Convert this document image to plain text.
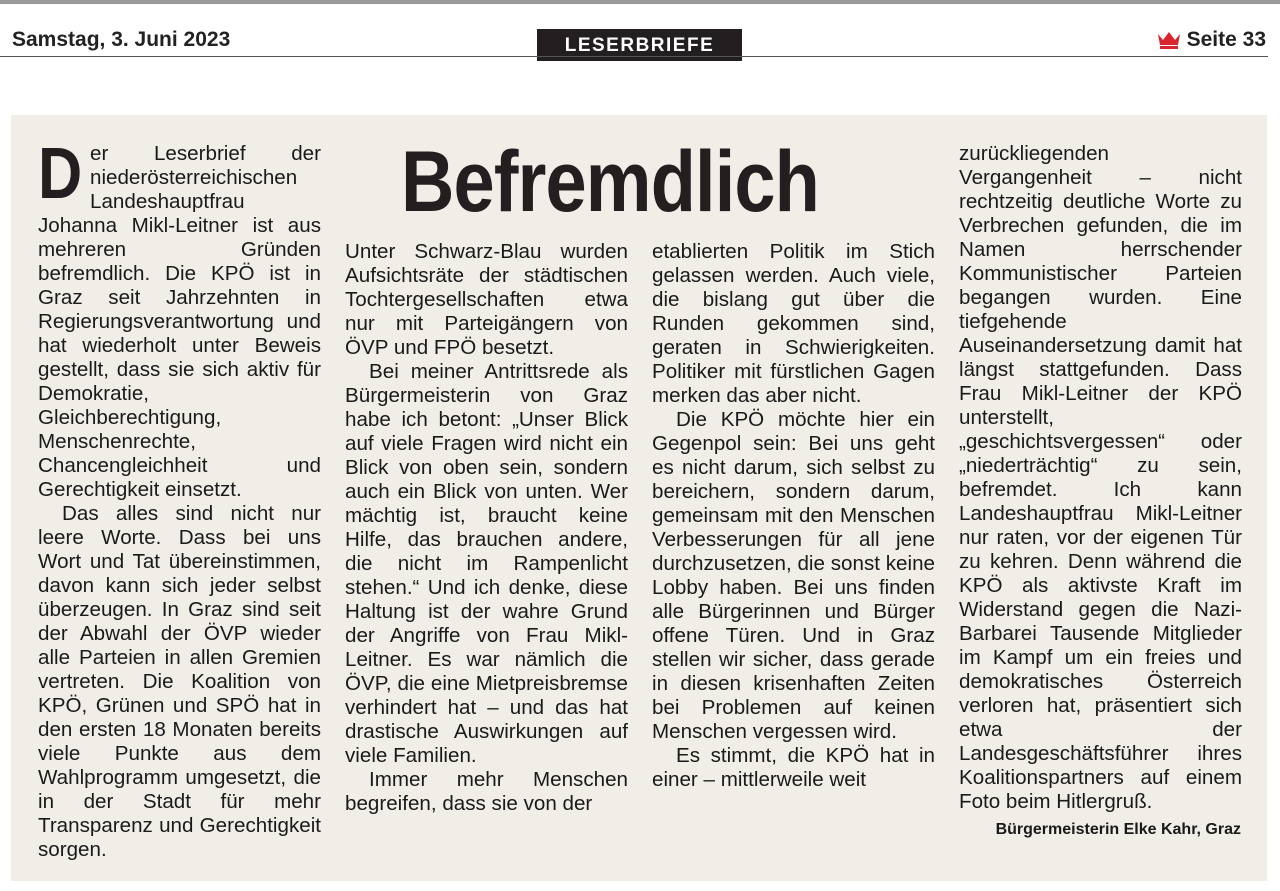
Samstag, 3. Juni 2023	LESERBRIEFE	Seite 33

Der Leserbrief der niederösterreichischen Landeshauptfrau Johanna Mikl-Leitner ist aus mehreren Gründen befremdlich. Die KPÖ ist in Graz seit Jahrzehnten in Regierungsverantwortung und hat wiederholt unter Beweis gestellt, dass sie sich aktiv für Demokratie, Gleichberechtigung, Menschenrechte, Chancengleichheit und Gerechtigkeit einsetzt.

Das alles sind nicht nur leere Worte. Dass bei uns Wort und Tat übereinstimmen, davon kann sich jeder selbst überzeugen. In Graz sind seit der Abwahl der ÖVP wieder alle Parteien in allen Gremien vertreten. Die Koalition von KPÖ, Grünen und SPÖ hat in den ersten 18 Monaten bereits viele Punkte aus dem Wahlprogramm umgesetzt, die in der Stadt für mehr Transparenz und Gerechtigkeit sorgen.

Befremdlich

Unter Schwarz-Blau wurden Aufsichtsräte der städtischen Tochtergesellschaften etwa nur mit Parteigängern von ÖVP und FPÖ besetzt.

Bei meiner Antrittsrede als Bürgermeisterin von Graz habe ich betont: „Unser Blick auf viele Fragen wird nicht ein Blick von oben sein, sondern auch ein Blick von unten. Wer mächtig ist, braucht keine Hilfe, das brauchen andere, die nicht im Rampenlicht stehen.“ Und ich denke, diese Haltung ist der wahre Grund der Angriffe von Frau Mikl-Leitner. Es war nämlich die ÖVP, die eine Mietpreisbremse verhindert hat – und das hat drastische Auswirkungen auf viele Familien.

Immer mehr Menschen begreifen, dass sie von der

etablierten Politik im Stich gelassen werden. Auch viele, die bislang gut über die Runden gekommen sind, geraten in Schwierigkeiten. Politiker mit fürstlichen Gagen merken das aber nicht.

Die KPÖ möchte hier ein Gegenpol sein: Bei uns geht es nicht darum, sich selbst zu bereichern, sondern darum, gemeinsam mit den Menschen Verbesserungen für all jene durchzusetzen, die sonst keine Lobby haben. Bei uns finden alle Bürgerinnen und Bürger offene Türen. Und in Graz stellen wir sicher, dass gerade in diesen krisenhaften Zeiten bei Problemen auf keinen Menschen vergessen wird.

Es stimmt, die KPÖ hat in einer – mittlerweile weit

zurückliegenden Vergangenheit – nicht rechtzeitig deutliche Worte zu Verbrechen gefunden, die im Namen herrschender Kommunistischer Parteien begangen wurden. Eine tiefgehende Auseinandersetzung damit hat längst stattgefunden. Dass Frau Mikl-Leitner der KPÖ unterstellt, „geschichtsvergessen“ oder „niederträchtig“ zu sein, befremdet. Ich kann Landeshauptfrau Mikl-Leitner nur raten, vor der eigenen Tür zu kehren. Denn während die KPÖ als aktivste Kraft im Widerstand gegen die Nazi-Barbarei Tausende Mitglieder im Kampf um ein freies und demokratisches Österreich verloren hat, präsentiert sich etwa der Landesgeschäftsführer ihres Koalitionspartners auf einem Foto beim Hitlergruß.

Bürgermeisterin Elke Kahr, Graz
